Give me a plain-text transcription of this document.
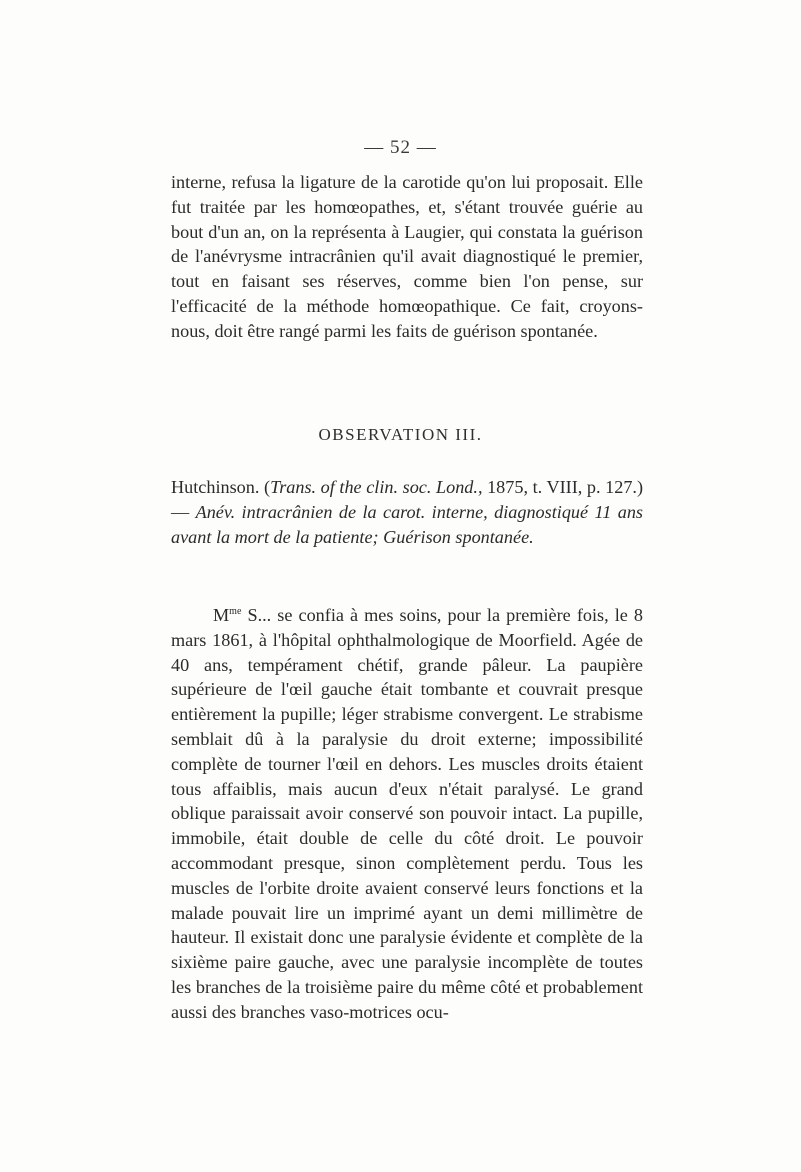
— 52 —

interne, refusa la ligature de la carotide qu'on lui proposait. Elle fut traitée par les homœopathes, et, s'étant trouvée guérie au bout d'un an, on la représenta à Laugier, qui constata la guérison de l'anévrysme intracrânien qu'il avait diagnostiqué le premier, tout en faisant ses réserves, comme bien l'on pense, sur l'efficacité de la méthode homœopathique. Ce fait, croyons-nous, doit être rangé parmi les faits de guérison spontanée.

OBSERVATION III.

Hutchinson. (Trans. of the clin. soc. Lond., 1875, t. VIII, p. 127.) — Anév. intracrânien de la carot. interne, diagnostiqué 11 ans avant la mort de la patiente; Guérison spontanée.

$M^{me}$ S... se confia à mes soins, pour la première fois, le 8 mars 1861, à l'hôpital ophthalmologique de Moorfield. Agée de 40 ans, tempérament chétif, grande pâleur. La paupière supérieure de l'œil gauche était tombante et couvrait presque entièrement la pupille; léger strabisme convergent. Le strabisme semblait dû à la paralysie du droit externe; impossibilité complète de tourner l'œil en dehors. Les muscles droits étaient tous affaiblis, mais aucun d'eux n'était paralysé. Le grand oblique paraissait avoir conservé son pouvoir intact. La pupille, immobile, était double de celle du côté droit. Le pouvoir accommodant presque, sinon complètement perdu. Tous les muscles de l'orbite droite avaient conservé leurs fonctions et la malade pouvait lire un imprimé ayant un demi millimètre de hauteur. Il existait donc une paralysie évidente et complète de la sixième paire gauche, avec une paralysie incomplète de toutes les branches de la troisième paire du même côté et probablement aussi des branches vaso-motrices ocu-
